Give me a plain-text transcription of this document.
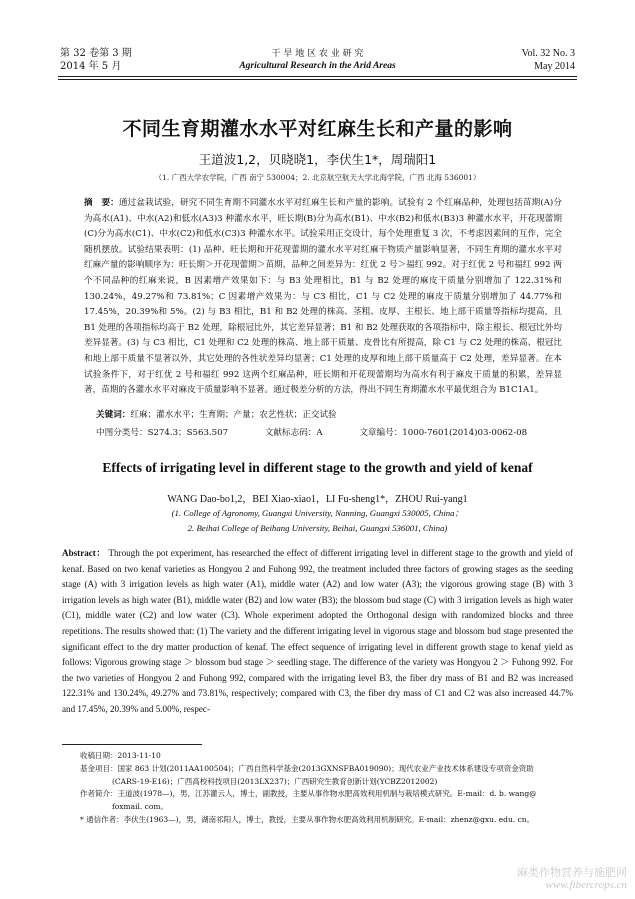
第 32 卷第 3 期
2014 年 5 月
干 旱 地 区 农 业 研 究
Agricultural Research in the Arid Areas
Vol. 32 No. 3
May 2014
不同生育期灌水水平对红麻生长和产量的影响
王道波1,2，贝晓晓1，李伏生1*，周瑞阳1
（1. 广西大学农学院，广西 南宁 530004；2. 北京航空航天大学北海学院，广西 北海 536001）
摘　要：通过盆栽试验，研究不同生育期不同灌水水平对红麻生长和产量的影响。试验有 2 个红麻品种，处理包括苗期(A)分为高水(A1)、中水(A2)和低水(A3)3 种灌水水平，旺长期(B)分为高水(B1)、中水(B2)和低水(B3)3 种灌水水平，开花现蕾期(C)分为高水(C1)、中水(C2)和低水(C3)3 种灌水水平。试验采用正交设计，每个处理重复 3 次，不考虑因素间的互作，完全随机摆放。试验结果表明：(1) 品种、旺长期和开花现蕾期的灌水水平对红麻干物质产量影响显著，不同生育期的灌水水平对红麻产量的影响顺序为：旺长期＞开花现蕾期＞苗期，品种之间差异为：红优 2 号＞福红 992。对于红优 2 号和福红 992 两个不同品种的红麻来说，B 因素增产效果如下：与 B3 处理相比，B1 与 B2 处理的麻皮干质量分别增加了 122.31%和 130.24%，49.27%和 73.81%；C 因素增产效果为：与 C3 相比，C1 与 C2 处理的麻皮干质量分别增加了 44.77%和 17.45%，20.39%和 5%。(2) 与 B3 相比，B1 和 B2 处理的株高、茎粗、皮厚、主根长、地上部干质量等指标均提高，且 B1 处理的各项指标均高于 B2 处理，除根冠比外，其它差异显著；B1 和 B2 处理获取的各项指标中，除主根长、根冠比外均差异显著。(3) 与 C3 相比，C1 处理和 C2 处理的株高、地上部干质量、皮骨比有所提高，除 C1 与 C2 处理的株高、根冠比和地上部干质量不显著以外，其它处理的各性状差异均显著；C1 处理的皮厚和地上部干质量高于 C2 处理，差异显著。在本试验条件下，对于红优 2 号和福红 992 这两个红麻品种，旺长期和开花现蕾期均为高水有利于麻皮干质量的积累，差异显著，苗期的各灌水水平对麻皮干质量影响不显著。通过极差分析的方法，得出不同生育期灌水水平最优组合为 B1C1A1。
关键词：红麻；灌水水平；生育期；产量；农艺性状；正交试验
中图分类号：S274.3；S563.507	文献标志码：A	文章编号：1000-7601(2014)03-0062-08
Effects of irrigating level in different stage to the growth and yield of kenaf
WANG Dao-bo1,2，BEI Xiao-xiao1，LI Fu-sheng1*，ZHOU Rui-yang1
(1. College of Agronomy, Guangxi University, Nanning, Guangxi 530005, China；
2. Beihai College of Beihang University, Beihai, Guangxi 536001, China)
Abstract： Through the pot experiment, has researched the effect of different irrigating level in different stage to the growth and yield of kenaf. Based on two kenaf varieties as Hongyou 2 and Fuhong 992, the treatment included three factors of growing stages as the seeding stage (A) with 3 irrigation levels as high water (A1), middle water (A2) and low water (A3); the vigorous growing stage (B) with 3 irrigation levels as high water (B1), middle water (B2) and low water (B3); the blossom bud stage (C) with 3 irrigation levels as high water (C1), middle water (C2) and low water (C3). Whole experiment adopted the Orthogonal design with randomized blocks and three repetitions. The results showed that: (1) The variety and the different irrigating level in vigorous stage and blossom bud stage presented the significant effect to the dry matter production of kenaf. The effect sequence of irrigating level in different growth stage to kenaf yield as follows: Vigorous growing stage ＞ blossom bud stage ＞ seedling stage. The difference of the variety was Hongyou 2 ＞ Fuhong 992. For the two varieties of Hongyou 2 and Fuhong 992, compared with the irrigating level B3, the fiber dry mass of B1 and B2 was increased 122.31% and 130.24%, 49.27% and 73.81%, respectively; compared with C3, the fiber dry mass of C1 and C2 was also increased 44.7% and 17.45%, 20.39% and 5.00%, respec-
收稿日期：2013-11-10
基金项目：国家 863 计划(2011AA100504)；广西自然科学基金(2013GXNSFBA019090)；现代农业产业技术体系建设专项资金资助
(CARS-19-E16)；广西高校科技项目(2013LX237)；广西研究生教育创新计划(YCBZ2012002)
作者简介：王道波(1978—)，男，江苏灌云人，博士，副教授，主要从事作物水肥高效利用机制与栽培模式研究。E-mail：d. b. wang@
foxmail. com。
* 通信作者：李伏生(1963—)，男，湖南祁阳人，博士，教授，主要从事作物水肥高效利用机制研究。E-mail：zhenz@gxu. edu. cn。
麻类作物营养与施肥网
www.fibercrops.cn
